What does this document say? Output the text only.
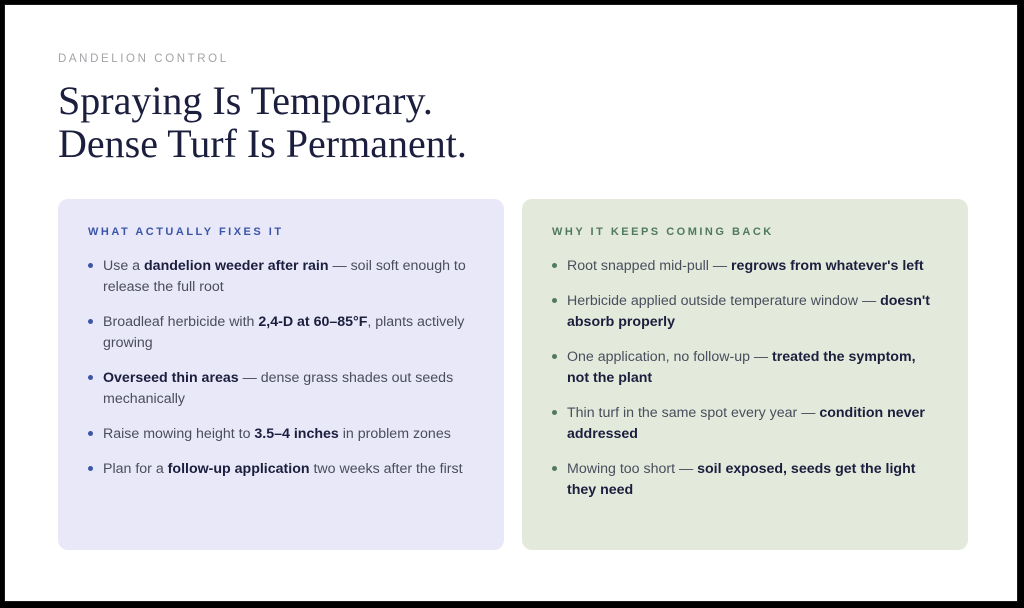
DANDELION CONTROL
Spraying Is Temporary.
Dense Turf Is Permanent.
WHAT ACTUALLY FIXES IT
Use a dandelion weeder after rain — soil soft enough to release the full root
Broadleaf herbicide with 2,4-D at 60–85°F, plants actively growing
Overseed thin areas — dense grass shades out seeds mechanically
Raise mowing height to 3.5–4 inches in problem zones
Plan for a follow-up application two weeks after the first
WHY IT KEEPS COMING BACK
Root snapped mid-pull — regrows from whatever's left
Herbicide applied outside temperature window — doesn't absorb properly
One application, no follow-up — treated the symptom, not the plant
Thin turf in the same spot every year — condition never addressed
Mowing too short — soil exposed, seeds get the light they need
